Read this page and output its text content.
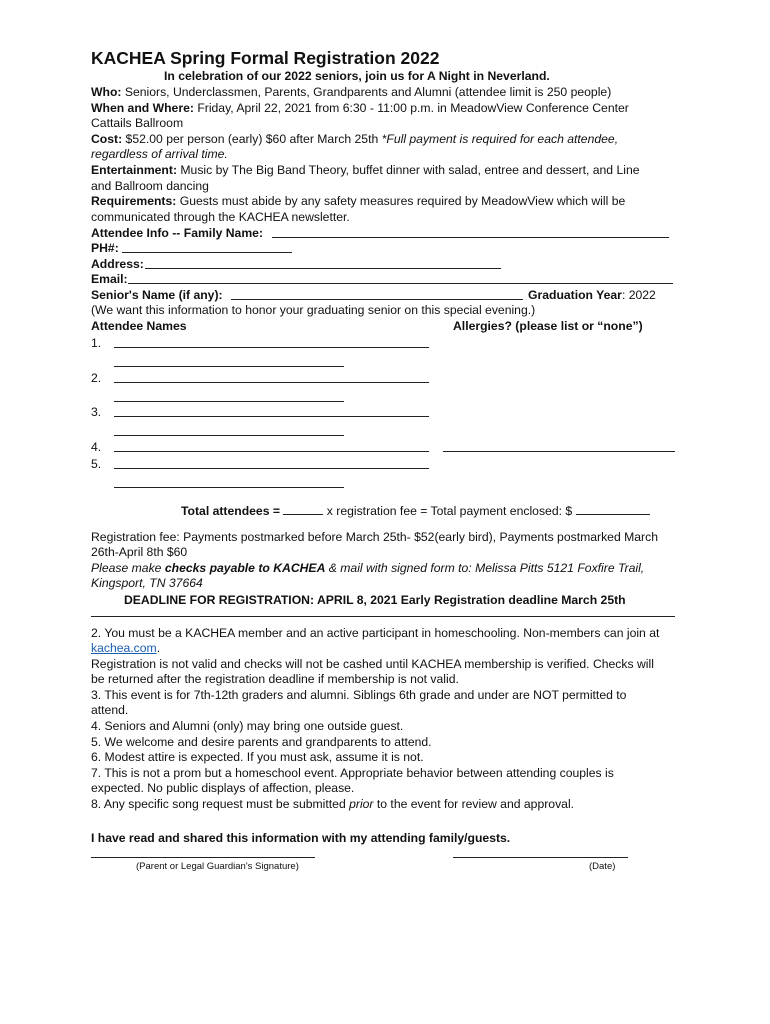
KACHEA Spring Formal Registration 2022
In celebration of our 2022 seniors, join us for A Night in Neverland.
Who: Seniors, Underclassmen, Parents, Grandparents and Alumni (attendee limit is 250 people)
When and Where: Friday, April 22, 2021 from 6:30 - 11:00 p.m. in MeadowView Conference Center
Cattails Ballroom
Cost: $52.00 per person (early) $60 after March 25th *Full payment is required for each attendee,
regardless of arrival time.
Entertainment: Music by The Big Band Theory, buffet dinner with salad, entree and dessert, and Line
and Ballroom dancing
Requirements: Guests must abide by any safety measures required by MeadowView which will be
communicated through the KACHEA newsletter.
Attendee Info -- Family Name:
PH#:
Address:
Email:
Senior's Name (if any):	Graduation Year: 2022
(We want this information to honor your graduating senior on this special evening.)
Attendee Names	Allergies? (please list or “none”)
1.
2.
3.
4.
5.
Total attendees =	x registration fee = Total payment enclosed: $
Registration fee: Payments postmarked before March 25th- $52(early bird), Payments postmarked March
26th-April 8th $60
Please make checks payable to KACHEA & mail with signed form to: Melissa Pitts 5121 Foxfire Trail,
Kingsport, TN 37664
DEADLINE FOR REGISTRATION: APRIL 8, 2021 Early Registration deadline March 25th
2. You must be a KACHEA member and an active participant in homeschooling. Non-members can join at
kachea.com.
Registration is not valid and checks will not be cashed until KACHEA membership is verified. Checks will
be returned after the registration deadline if membership is not valid.
3. This event is for 7th-12th graders and alumni. Siblings 6th grade and under are NOT permitted to
attend.
4. Seniors and Alumni (only) may bring one outside guest.
5. We welcome and desire parents and grandparents to attend.
6. Modest attire is expected. If you must ask, assume it is not.
7. This is not a prom but a homeschool event. Appropriate behavior between attending couples is
expected. No public displays of affection, please.
8. Any specific song request must be submitted prior to the event for review and approval.
I have read and shared this information with my attending family/guests.
(Parent or Legal Guardian's Signature)	(Date)
